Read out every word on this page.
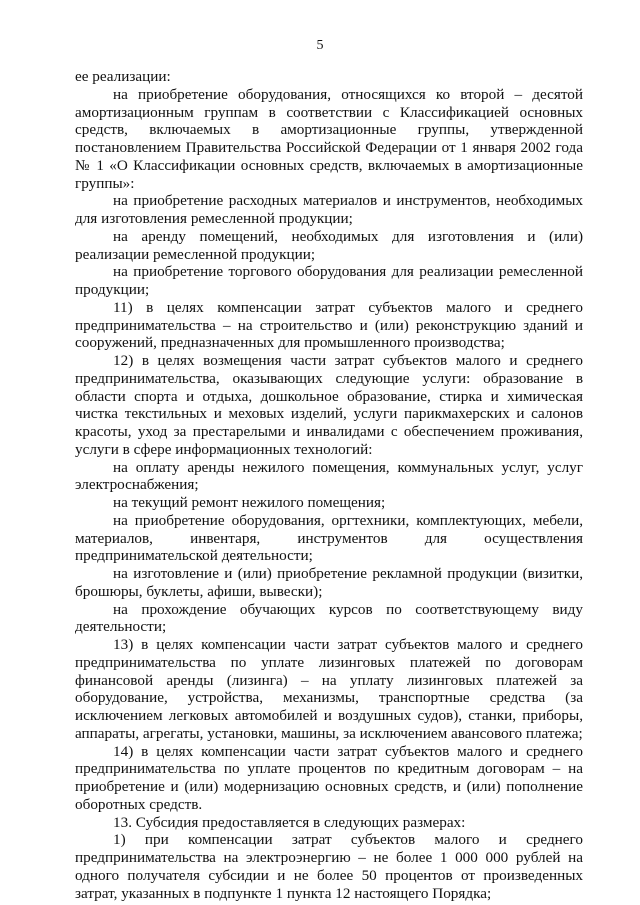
5

ее реализации:

на приобретение оборудования, относящихся ко второй – десятой амортизационным группам в соответствии с Классификацией основных средств, включаемых в амортизационные группы, утвержденной постановлением Правительства Российской Федерации от 1 января 2002 года № 1 «О Классификации основных средств, включаемых в амортизационные группы»:

на приобретение расходных материалов и инструментов, необходимых для изготовления ремесленной продукции;

на аренду помещений, необходимых для изготовления и (или) реализации ремесленной продукции;

на приобретение торгового оборудования для реализации ремесленной продукции;

11) в целях компенсации затрат субъектов малого и среднего предпринимательства – на строительство и (или) реконструкцию зданий и сооружений, предназначенных для промышленного производства;

12) в целях возмещения части затрат субъектов малого и среднего предпринимательства, оказывающих следующие услуги: образование в области спорта и отдыха, дошкольное образование, стирка и химическая чистка текстильных и меховых изделий, услуги парикмахерских и салонов красоты, уход за престарелыми и инвалидами с обеспечением проживания, услуги в сфере информационных технологий:

на оплату аренды нежилого помещения, коммунальных услуг, услуг электроснабжения;

на текущий ремонт нежилого помещения;

на приобретение оборудования, оргтехники, комплектующих, мебели, материалов, инвентаря, инструментов для осуществления предпринимательской деятельности;

на изготовление и (или) приобретение рекламной продукции (визитки, брошюры, буклеты, афиши, вывески);

на прохождение обучающих курсов по соответствующему виду деятельности;

13) в целях компенсации части затрат субъектов малого и среднего предпринимательства по уплате лизинговых платежей по договорам финансовой аренды (лизинга) – на уплату лизинговых платежей за оборудование, устройства, механизмы, транспортные средства (за исключением легковых автомобилей и воздушных судов), станки, приборы, аппараты, агрегаты, установки, машины, за исключением авансового платежа;

14) в целях компенсации части затрат субъектов малого и среднего предпринимательства по уплате процентов по кредитным договорам – на приобретение и (или) модернизацию основных средств, и (или) пополнение оборотных средств.

13. Субсидия предоставляется в следующих размерах:

1) при компенсации затрат субъектов малого и среднего предпринимательства на электроэнергию – не более 1 000 000 рублей на одного получателя субсидии и не более 50 процентов от произведенных затрат, указанных в подпункте 1 пункта 12 настоящего Порядка;
